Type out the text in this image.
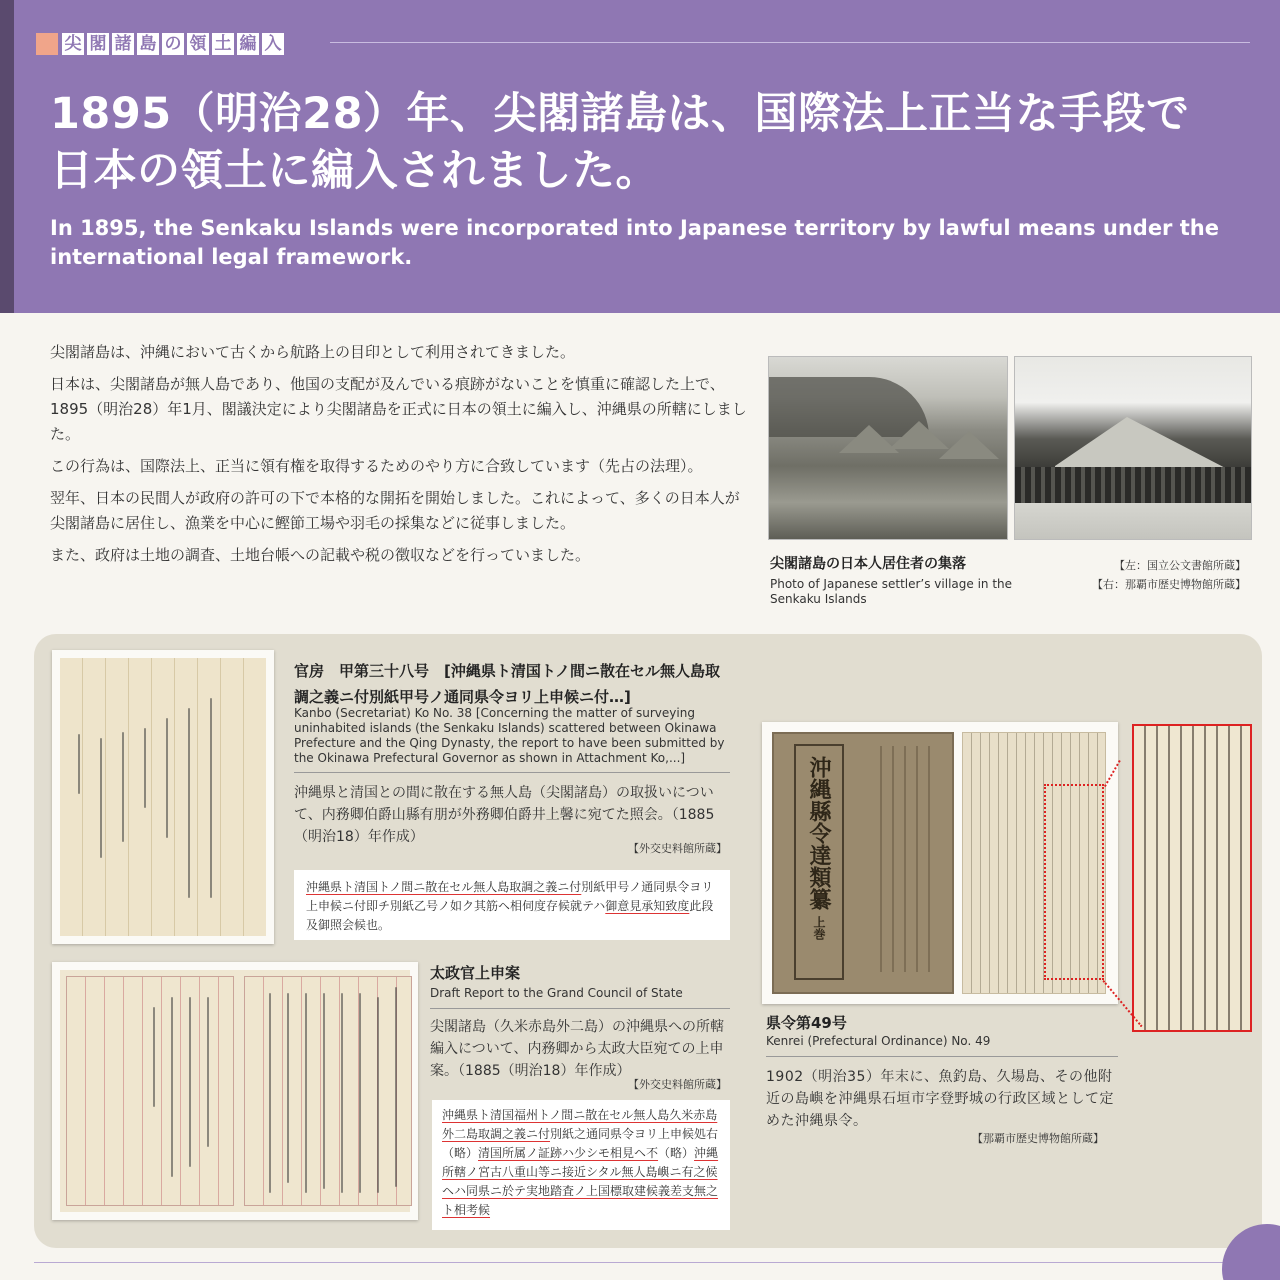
尖 閣 諸 島 の 領 土 編 入
1895（明治28）年、尖閣諸島は、国際法上正当な手段で
日本の領土に編入されました。
In 1895, the Senkaku Islands were incorporated into Japanese territory by lawful means under the international legal framework.

尖閣諸島は、沖縄において古くから航路上の目印として利用されてきました。

日本は、尖閣諸島が無人島であり、他国の支配が及んでいる痕跡がないことを慎重に確認した上で、1895（明治28）年1月、閣議決定により尖閣諸島を正式に日本の領土に編入し、沖縄県の所轄にしました。

この行為は、国際法上、正当に領有権を取得するためのやり方に合致しています（先占の法理）。

翌年、日本の民間人が政府の許可の下で本格的な開拓を開始しました。これによって、多くの日本人が尖閣諸島に居住し、漁業を中心に鰹節工場や羽毛の採集などに従事しました。

また、政府は土地の調査、土地台帳への記載や税の徴収などを行っていました。	尖閣諸島の日本人居住者の集落
Photo of Japanese settler’s village in the Senkaku Islands
【左：国立公文書館所蔵】
【右：那覇市歴史博物館所蔵】
官房　甲第三十八号　[沖縄県ト清国トノ間ニ散在セル無人島取調之義ニ付別紙甲号ノ通同県令ヨリ上申候ニ付…]
Kanbo (Secretariat) Ko No. 38 [Concerning the matter of surveying uninhabited islands (the Senkaku Islands) scattered between Okinawa Prefecture and the Qing Dynasty, the report to have been submitted by the Okinawa Prefectural Governor as shown in Attachment Ko,...]
沖縄県と清国との間に散在する無人島（尖閣諸島）の取扱いについて、内務卿伯爵山縣有朋が外務卿伯爵井上馨に宛てた照会。（1885（明治18）年作成）
【外交史料館所蔵】
沖縄県ト清国トノ間ニ散在セル無人島取調之義ニ付別紙甲号ノ通同県令ヨリ上申候ニ付即チ別紙乙号ノ如ク其筋ヘ相伺度存候就テハ御意見承知致度此段及御照会候也。
太政官上申案
Draft Report to the Grand Council of State
尖閣諸島（久米赤島外二島）の沖縄県への所轄編入について、内務卿から太政大臣宛ての上申案。（1885（明治18）年作成）
【外交史料館所蔵】
沖縄県ト清国福州トノ間ニ散在セル無人島久米赤島外二島取調之義ニ付別紙之通同県令ヨリ上申候処右（略）清国所属ノ証跡ハ少シモ相見ヘ不（略）沖縄所轄ノ宮古八重山等ニ接近シタル無人島嶼ニ有之候ヘハ同県ニ於テ実地踏査ノ上国標取建候義差支無之ト相考候
沖縄縣令達類纂
上巻
県令第49号
Kenrei (Prefectural Ordinance) No. 49
1902（明治35）年末に、魚釣島、久場島、その他附近の島嶼を沖縄県石垣市字登野城の行政区域として定めた沖縄県令。
【那覇市歴史博物館所蔵】
